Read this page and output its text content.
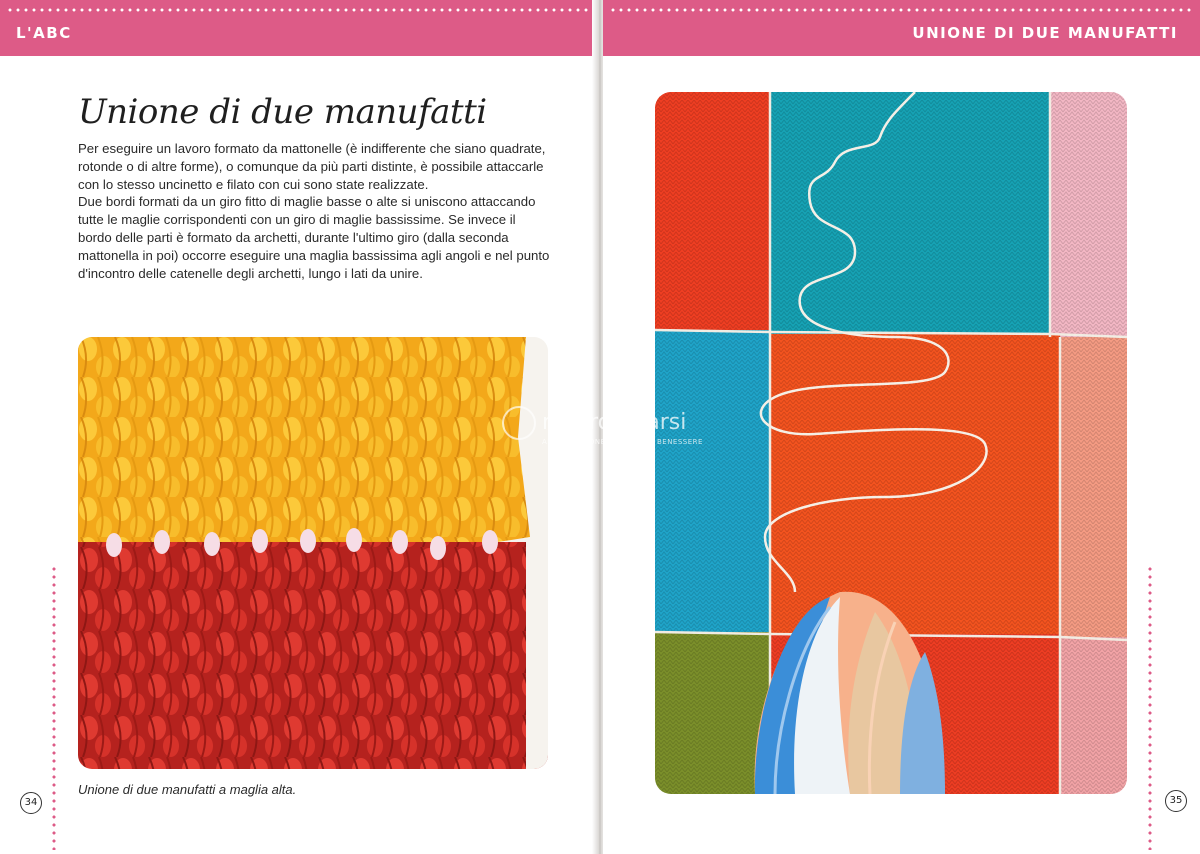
L'ABC
Unione di due manufatti

Per eseguire un lavoro formato da mattonelle (è indifferente che siano quadrate, rotonde o di altre forme), o comunque da più parti distinte, è possibile attaccarle con lo stesso uncinetto e filato con cui sono state realizzate.

Due bordi formati da un giro fitto di maglie basse o alte si uniscono attaccando tutte le maglie corrispondenti con un giro di maglie bassissime. Se invece il bordo delle parti è formato da archetti, durante l'ultimo giro (dalla seconda mattonella in poi) occorre eseguire una maglia bassissima agli angoli e nel punto d'incontro delle catenelle degli archetti, lungo i lati da unire.

Unione di due manufatti a maglia alta.
34
UNIONE DI DUE MANUFATTI
35
macrolibrarsi
ALIMENTAZIONE NATURALE · BENESSERE
